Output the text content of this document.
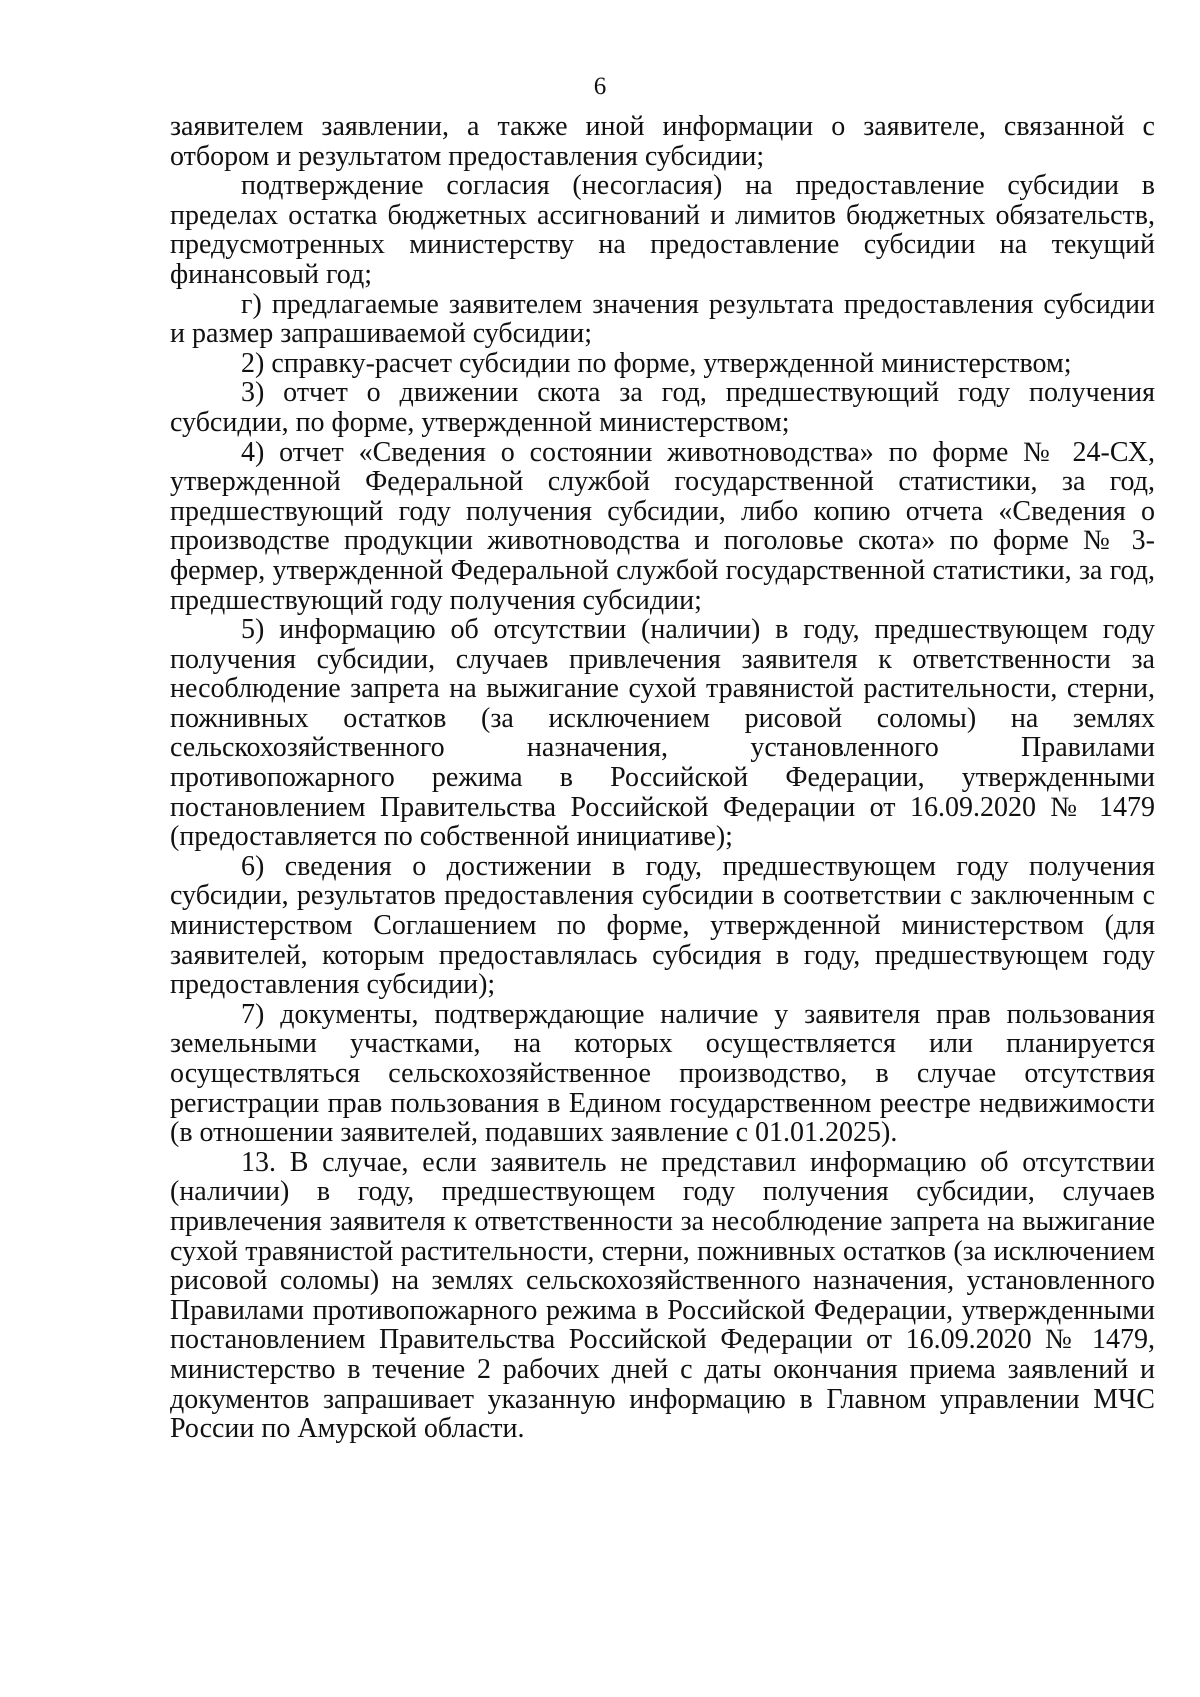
6

заявителем заявлении, а также иной информации о заявителе, связанной с отбором и результатом предоставления субсидии;

подтверждение согласия (несогласия) на предоставление субсидии в пределах остатка бюджетных ассигнований и лимитов бюджетных обязательств, предусмотренных министерству на предоставление субсидии на текущий финансовый год;

г) предлагаемые заявителем значения результата предоставления субсидии и размер запрашиваемой субсидии;

2) справку-расчет субсидии по форме, утвержденной министерством;

3) отчет о движении скота за год, предшествующий году получения субсидии, по форме, утвержденной министерством;

4) отчет «Сведения о состоянии животноводства» по форме № 24-СХ, утвержденной Федеральной службой государственной статистики, за год, предшествующий году получения субсидии, либо копию отчета «Сведения о производстве продукции животноводства и поголовье скота» по форме № 3-фермер, утвержденной Федеральной службой государственной статистики, за год, предшествующий году получения субсидии;

5) информацию об отсутствии (наличии) в году, предшествующем году получения субсидии, случаев привлечения заявителя к ответственности за несоблюдение запрета на выжигание сухой травянистой растительности, стерни, пожнивных остатков (за исключением рисовой соломы) на землях сельскохозяйственного назначения, установленного Правилами противопожарного режима в Российской Федерации, утвержденными постановлением Правительства Российской Федерации от 16.09.2020 № 1479 (предоставляется по собственной инициативе);

6) сведения о достижении в году, предшествующем году получения субсидии, результатов предоставления субсидии в соответствии с заключенным с министерством Соглашением по форме, утвержденной министерством (для заявителей, которым предоставлялась субсидия в году, предшествующем году предоставления субсидии);

7) документы, подтверждающие наличие у заявителя прав пользования земельными участками, на которых осуществляется или планируется осуществляться сельскохозяйственное производство, в случае отсутствия регистрации прав пользования в Едином государственном реестре недвижимости (в отношении заявителей, подавших заявление с 01.01.2025).

13. В случае, если заявитель не представил информацию об отсутствии (наличии) в году, предшествующем году получения субсидии, случаев привлечения заявителя к ответственности за несоблюдение запрета на выжигание сухой травянистой растительности, стерни, пожнивных остатков (за исключением рисовой соломы) на землях сельскохозяйственного назначения, установленного Правилами противопожарного режима в Российской Федерации, утвержденными постановлением Правительства Российской Федерации от 16.09.2020 № 1479, министерство в течение 2 рабочих дней с даты окончания приема заявлений и документов запрашивает указанную информацию в Главном управлении МЧС России по Амурской области.
